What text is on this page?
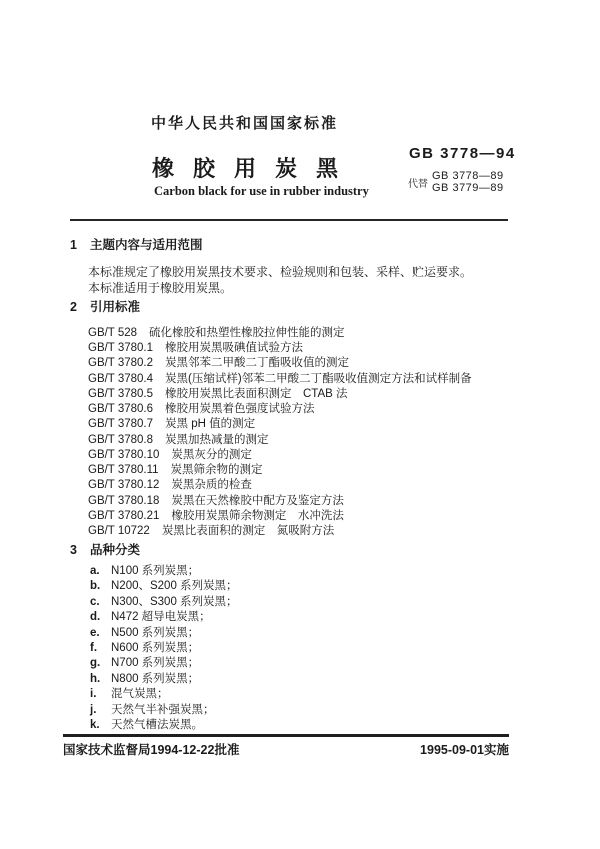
中华人民共和国国家标准
GB 3778—94
橡胶用炭黑
Carbon black for use in rubber industry	代替
GB 3778—89
GB 3779—89
1 主题内容与适用范围
本标准规定了橡胶用炭黑技术要求、检验规则和包装、采样、贮运要求。
本标准适用于橡胶用炭黑。
2 引用标准
GB/T 528 硫化橡胶和热塑性橡胶拉伸性能的测定
GB/T 3780.1 橡胶用炭黑吸碘值试验方法
GB/T 3780.2 炭黑邻苯二甲酸二丁酯吸收值的测定
GB/T 3780.4 炭黑(压缩试样)邻苯二甲酸二丁酯吸收值测定方法和试样制备
GB/T 3780.5 橡胶用炭黑比表面积测定　CTAB 法
GB/T 3780.6 橡胶用炭黑着色强度试验方法
GB/T 3780.7 炭黑 pH 值的测定
GB/T 3780.8 炭黑加热减量的测定
GB/T 3780.10 炭黑灰分的测定
GB/T 3780.11 炭黑筛余物的测定
GB/T 3780.12 炭黑杂质的检查
GB/T 3780.18 炭黑在天然橡胶中配方及鉴定方法
GB/T 3780.21 橡胶用炭黑筛余物测定　水冲洗法
GB/T 10722 炭黑比表面积的测定　氮吸附方法
3 品种分类
a. N100 系列炭黑；
b. N200、S200 系列炭黑；
c. N300、S300 系列炭黑；
d. N472 超导电炭黑；
e. N500 系列炭黑；
f. N600 系列炭黑；
g. N700 系列炭黑；
h. N800 系列炭黑；
i. 混气炭黑；
j. 天然气半补强炭黑；
k. 天然气槽法炭黑。
国家技术监督局1994-12-22批准	1995-09-01实施
